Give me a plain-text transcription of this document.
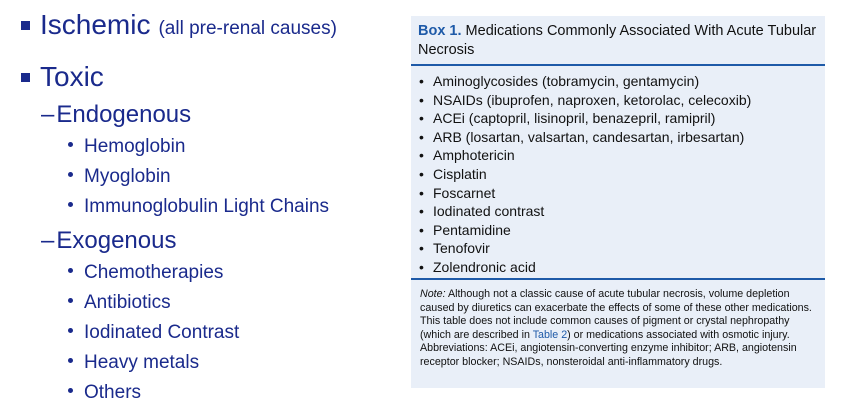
Ischemic (all pre-renal causes)
Toxic
– Endogenous
Hemoglobin
Myoglobin
Immunoglobulin Light Chains
– Exogenous
Chemotherapies
Antibiotics
Iodinated Contrast
Heavy metals
Others
Box 1. Medications Commonly Associated With Acute Tubular Necrosis
• Aminoglycosides (tobramycin, gentamycin)
• NSAIDs (ibuprofen, naproxen, ketorolac, celecoxib)
• ACEi (captopril, lisinopril, benazepril, ramipril)
• ARB (losartan, valsartan, candesartan, irbesartan)
• Amphotericin
• Cisplatin
• Foscarnet
• Iodinated contrast
• Pentamidine
• Tenofovir
• Zolendronic acid

Note: Although not a classic cause of acute tubular necrosis, volume depletion caused by diuretics can exacerbate the effects of some of these other medications. This table does not include common causes of pigment or crystal nephropathy (which are described in Table 2) or medications associated with osmotic injury.

Abbreviations: ACEi, angiotensin-converting enzyme inhibitor; ARB, angiotensin receptor blocker; NSAIDs, nonsteroidal anti-inflammatory drugs.
